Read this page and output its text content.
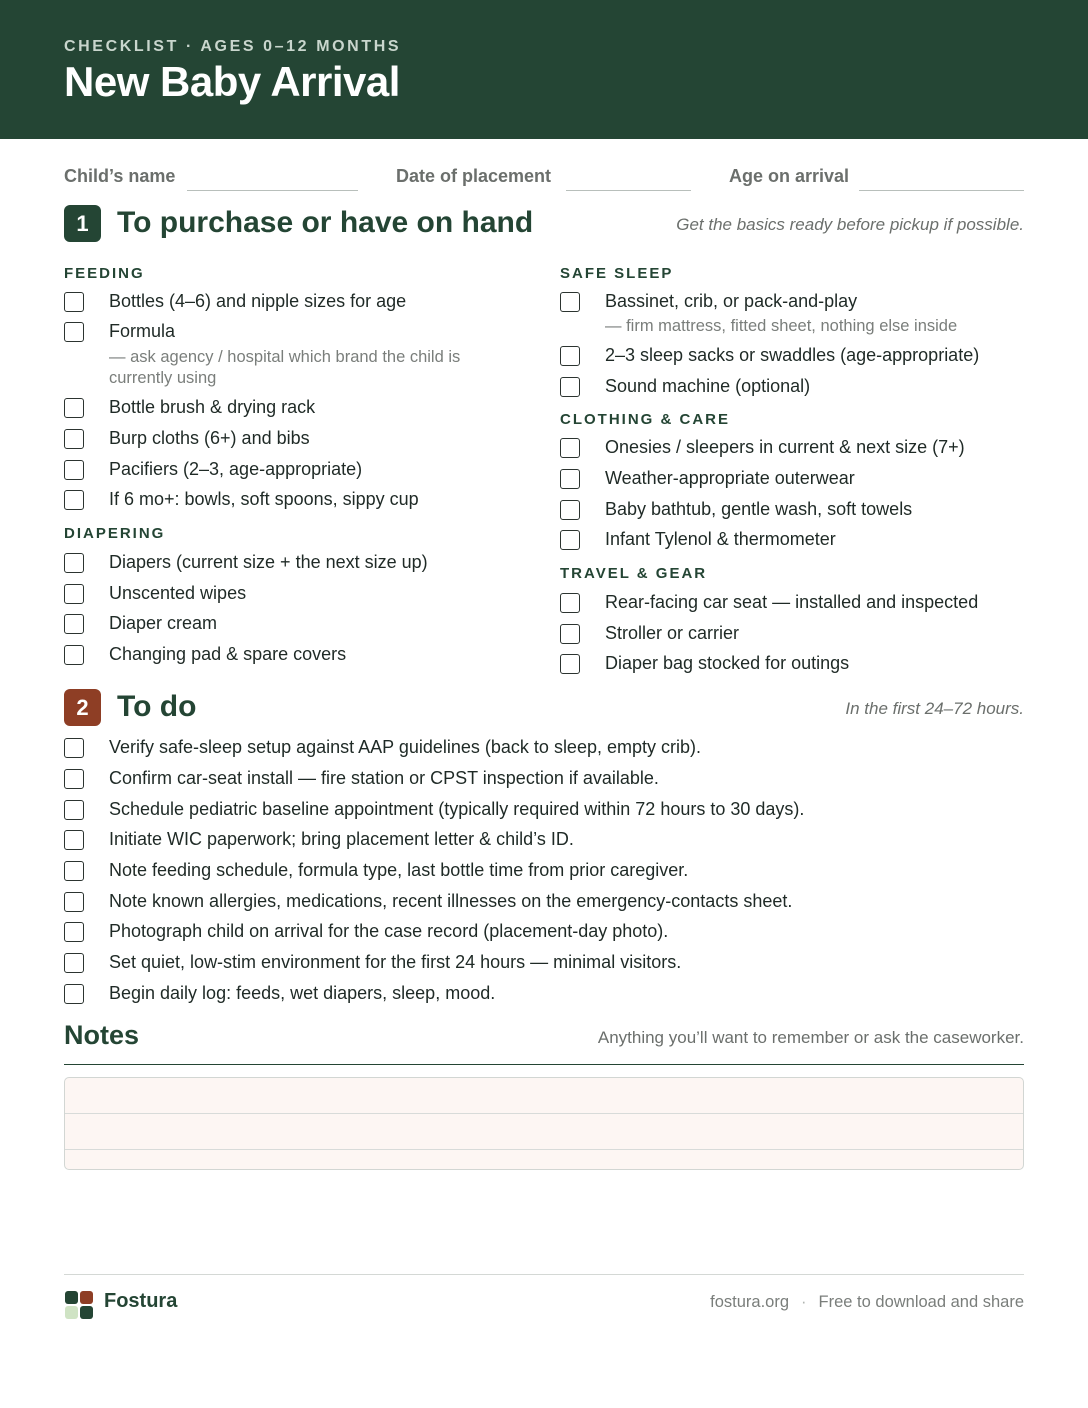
CHECKLIST · AGES 0–12 MONTHS
New Baby Arrival
Child’s name	Date of placement	Age on arrival
1 To purchase or have on hand	Get the basics ready before pickup if possible.
FEEDING
Bottles (4–6) and nipple sizes for age
Formula
— ask agency / hospital which brand the child is
currently using
Bottle brush & drying rack
Burp cloths (6+) and bibs
Pacifiers (2–3, age-appropriate)
If 6 mo+: bowls, soft spoons, sippy cup
DIAPERING
Diapers (current size + the next size up)
Unscented wipes
Diaper cream
Changing pad & spare covers
SAFE SLEEP
Bassinet, crib, or pack-and-play
— firm mattress, fitted sheet, nothing else inside
2–3 sleep sacks or swaddles (age-appropriate)
Sound machine (optional)
CLOTHING & CARE
Onesies / sleepers in current & next size (7+)
Weather-appropriate outerwear
Baby bathtub, gentle wash, soft towels
Infant Tylenol & thermometer
TRAVEL & GEAR
Rear-facing car seat — installed and inspected
Stroller or carrier
Diaper bag stocked for outings
2 To do	In the first 24–72 hours.
Verify safe-sleep setup against AAP guidelines (back to sleep, empty crib).
Confirm car-seat install — fire station or CPST inspection if available.
Schedule pediatric baseline appointment (typically required within 72 hours to 30 days).
Initiate WIC paperwork; bring placement letter & child’s ID.
Note feeding schedule, formula type, last bottle time from prior caregiver.
Note known allergies, medications, recent illnesses on the emergency-contacts sheet.
Photograph child on arrival for the case record (placement-day photo).
Set quiet, low-stim environment for the first 24 hours — minimal visitors.
Begin daily log: feeds, wet diapers, sleep, mood.
Notes	Anything you’ll want to remember or ask the caseworker.
Fostura	fostura.org · Free to download and share
